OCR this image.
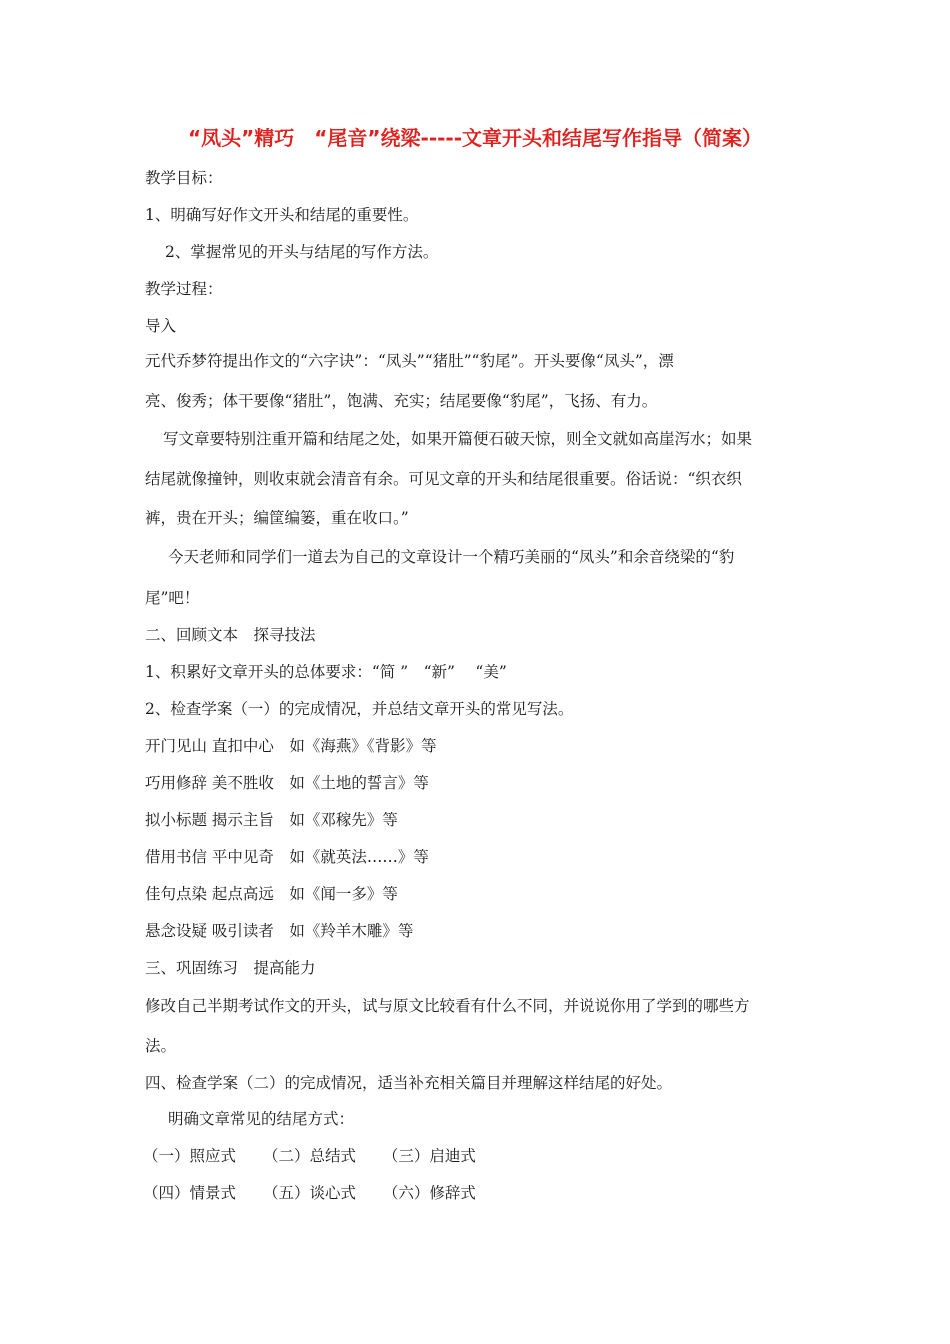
“凤头”精巧　“尾音”绕梁-----文章开头和结尾写作指导（简案）
教学目标：
1、明确写好作文开头和结尾的重要性。
2、掌握常见的开头与结尾的写作方法。
教学过程：
导入
元代乔梦符提出作文的“六字诀”：“凤头”“猪肚”“豹尾”。开头要像“凤头”，漂
亮、俊秀；体干要像“猪肚”，饱满、充实；结尾要像“豹尾”，飞扬、有力。
写文章要特别注重开篇和结尾之处，如果开篇便石破天惊，则全文就如高崖泻水；如果
结尾就像撞钟，则收束就会清音有余。可见文章的开头和结尾很重要。俗话说：“织衣织
裤，贵在开头；编筐编篓，重在收口。”
今天老师和同学们一道去为自己的文章设计一个精巧美丽的“凤头”和余音绕梁的“豹
尾”吧！
二、回顾文本　探寻技法
1、积累好文章开头的总体要求：“简 ”　“新”　 “美”
2、检查学案（一）的完成情况，并总结文章开头的常见写法。
开门见山 直扣中心　如《海燕》《背影》等
巧用修辞 美不胜收　如《土地的誓言》等
拟小标题 揭示主旨　如《邓稼先》等
借用书信 平中见奇　如《就英法……》等
佳句点染 起点高远　如《闻一多》等
悬念设疑 吸引读者　如《羚羊木雕》等
三、巩固练习　提高能力
修改自己半期考试作文的开头，试与原文比较看有什么不同，并说说你用了学到的哪些方
法。
四、检查学案（二）的完成情况，适当补充相关篇目并理解这样结尾的好处。
明确文章常见的结尾方式：
（一）照应式 （二）总结式 （三）启迪式
（四）情景式 （五）谈心式 （六）修辞式
